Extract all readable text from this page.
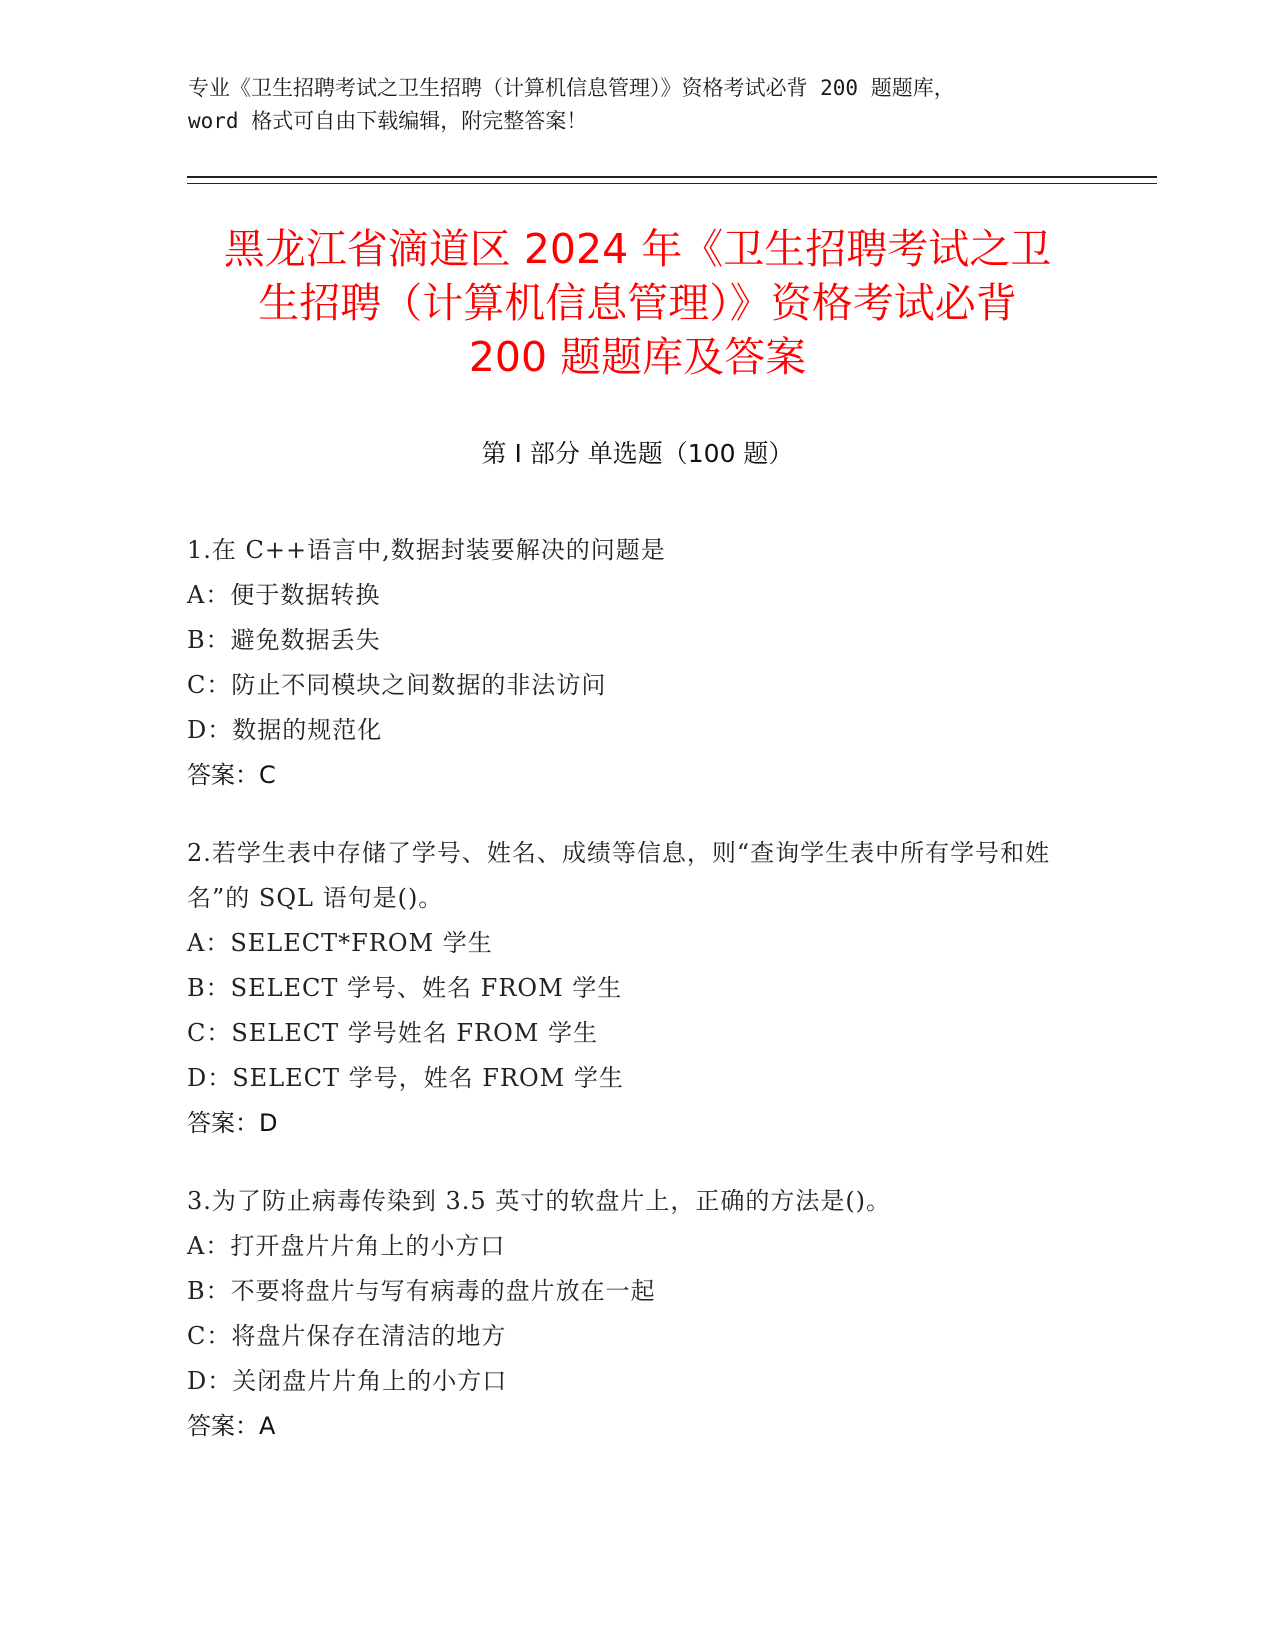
专业《卫生招聘考试之卫生招聘（计算机信息管理）》资格考试必背 200 题题库，
word 格式可自由下载编辑，附完整答案！
黑龙江省滴道区 2024 年《卫生招聘考试之卫
生招聘（计算机信息管理）》资格考试必背
200 题题库及答案
第 I 部分 单选题（100 题）
1.在 C++语言中,数据封装要解决的问题是
A：便于数据转换
B：避免数据丢失
C：防止不同模块之间数据的非法访问
D：数据的规范化
答案：C
2.若学生表中存储了学号、姓名、成绩等信息，则“查询学生表中所有学号和姓名”的 SQL 语句是()。
A：SELECT*FROM 学生
B：SELECT 学号、姓名 FROM 学生
C：SELECT 学号姓名 FROM 学生
D：SELECT 学号，姓名 FROM 学生
答案：D
3.为了防止病毒传染到 3.5 英寸的软盘片上，正确的方法是()。
A：打开盘片片角上的小方口
B：不要将盘片与写有病毒的盘片放在一起
C：将盘片保存在清洁的地方
D：关闭盘片片角上的小方口
答案：A
